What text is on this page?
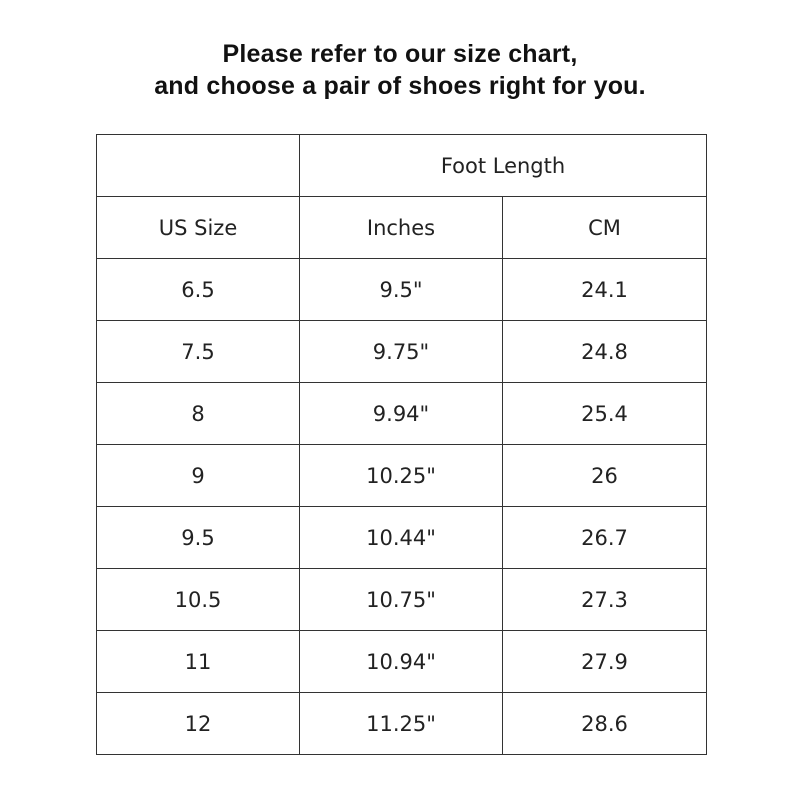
Please refer to our size chart,
and choose a pair of shoes right for you.
	Foot Length	
US Size	Inches	CM
6.5	9.5"	24.1
7.5	9.75"	24.8
8	9.94"	25.4
9	10.25"	26
9.5	10.44"	26.7
10.5	10.75"	27.3
11	10.94"	27.9
12	11.25"	28.6
